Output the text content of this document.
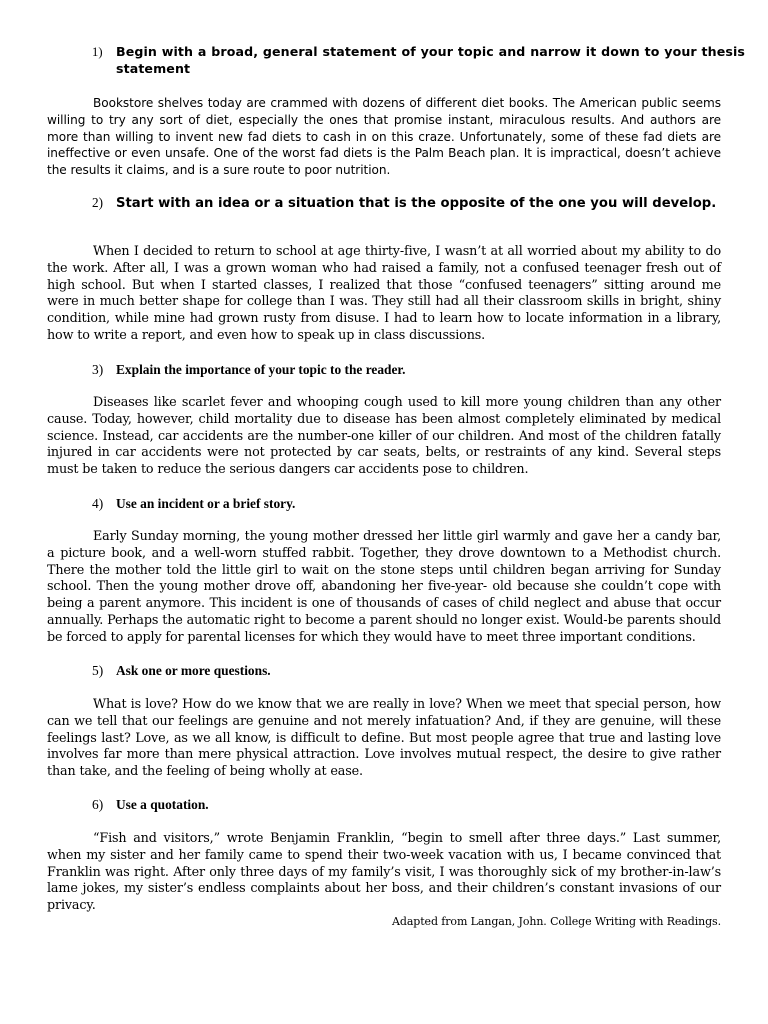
1) Begin with a broad, general statement of your topic and narrow it down to your thesis statement
Bookstore shelves today are crammed with dozens of different diet books. The American public seems willing to try any sort of diet, especially the ones that promise instant, miraculous results. And authors are more than willing to invent new fad diets to cash in on this craze. Unfortunately, some of these fad diets are ineffective or even unsafe. One of the worst fad diets is the Palm Beach plan. It is impractical, doesn’t achieve the results it claims, and is a sure route to poor nutrition.
2) Start with an idea or a situation that is the opposite of the one you will develop.
When I decided to return to school at age thirty-five, I wasn’t at all worried about my ability to do the work. After all, I was a grown woman who had raised a family, not a confused teenager fresh out of high school. But when I started classes, I realized that those “confused teenagers” sitting around me were in much better shape for college than I was. They still had all their classroom skills in bright, shiny condition, while mine had grown rusty from disuse. I had to learn how to locate information in a library, how to write a report, and even how to speak up in class discussions.
3) Explain the importance of your topic to the reader.
Diseases like scarlet fever and whooping cough used to kill more young children than any other cause. Today, however, child mortality due to disease has been almost completely eliminated by medical science. Instead, car accidents are the number-one killer of our children. And most of the children fatally injured in car accidents were not protected by car seats, belts, or restraints of any kind. Several steps must be taken to reduce the serious dangers car accidents pose to children.
4) Use an incident or a brief story.
Early Sunday morning, the young mother dressed her little girl warmly and gave her a candy bar, a picture book, and a well-worn stuffed rabbit. Together, they drove downtown to a Methodist church. There the mother told the little girl to wait on the stone steps until children began arriving for Sunday school. Then the young mother drove off, abandoning her five-year- old because she couldn’t cope with being a parent anymore. This incident is one of thousands of cases of child neglect and abuse that occur annually. Perhaps the automatic right to become a parent should no longer exist. Would-be parents should be forced to apply for parental licenses for which they would have to meet three important conditions.
5) Ask one or more questions.
What is love? How do we know that we are really in love? When we meet that special person, how can we tell that our feelings are genuine and not merely infatuation? And, if they are genuine, will these feelings last? Love, as we all know, is difficult to define. But most people agree that true and lasting love involves far more than mere physical attraction. Love involves mutual respect, the desire to give rather than take, and the feeling of being wholly at ease.
6) Use a quotation.
“Fish and visitors,” wrote Benjamin Franklin, “begin to smell after three days.” Last summer, when my sister and her family came to spend their two-week vacation with us, I became convinced that Franklin was right. After only three days of my family’s visit, I was thoroughly sick of my brother-in-law’s lame jokes, my sister’s endless complaints about her boss, and their children’s constant invasions of our privacy.
Adapted from Langan, John. College Writing with Readings.
